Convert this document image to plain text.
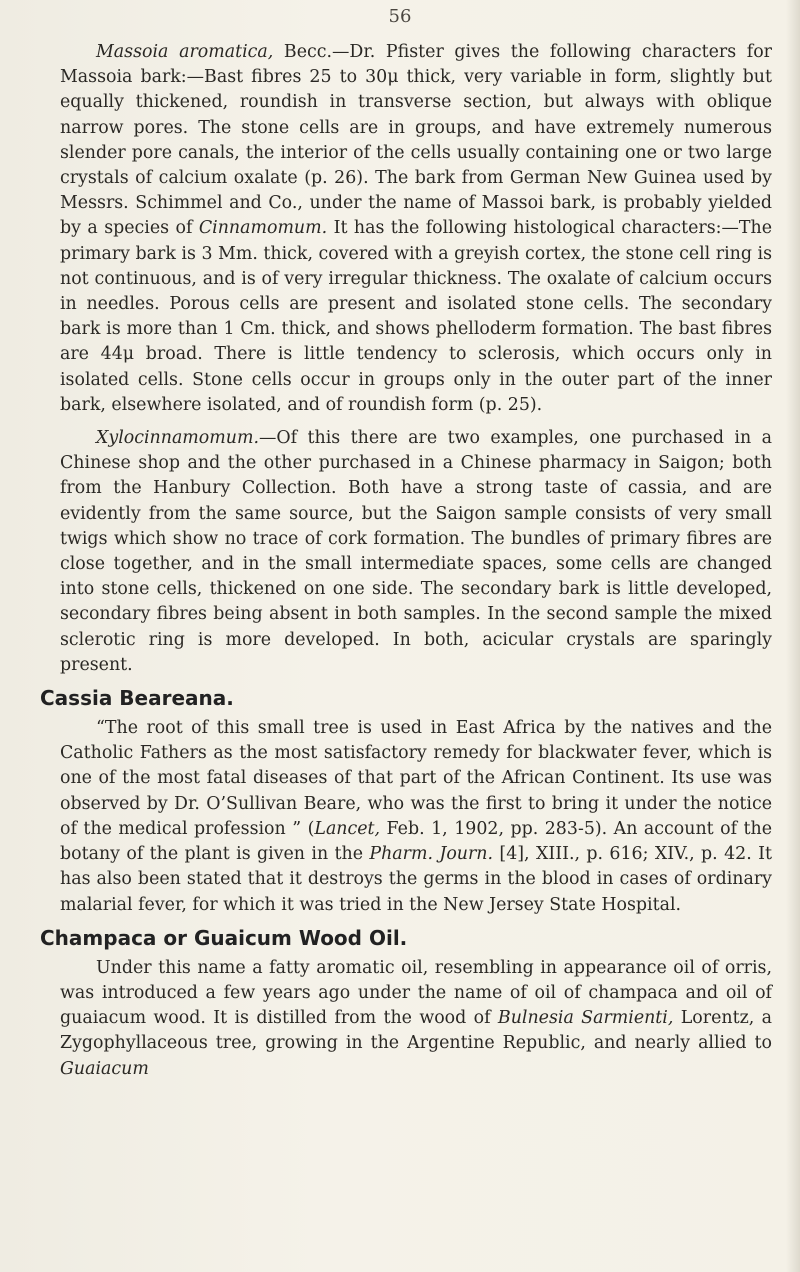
56

Massoia aromatica, Becc.—Dr. Pfister gives the following characters for Massoia bark:—Bast fibres 25 to 30μ thick, very variable in form, slightly but equally thickened, roundish in transverse section, but always with oblique narrow pores. The stone cells are in groups, and have extremely numerous slender pore canals, the interior of the cells usually containing one or two large crystals of calcium oxalate (p. 26). The bark from German New Guinea used by Messrs. Schimmel and Co., under the name of Massoi bark, is probably yielded by a species of Cinnamomum. It has the following histological characters:—The primary bark is 3 Mm. thick, covered with a greyish cortex, the stone cell ring is not continuous, and is of very irregular thickness. The oxalate of calcium occurs in needles. Porous cells are present and isolated stone cells. The secondary bark is more than 1 Cm. thick, and shows phelloderm formation. The bast fibres are 44μ broad. There is little tendency to sclerosis, which occurs only in isolated cells. Stone cells occur in groups only in the outer part of the inner bark, elsewhere isolated, and of roundish form (p. 25).

Xylocinnamomum.—Of this there are two examples, one purchased in a Chinese shop and the other purchased in a Chinese pharmacy in Saigon; both from the Hanbury Collection. Both have a strong taste of cassia, and are evidently from the same source, but the Saigon sample consists of very small twigs which show no trace of cork formation. The bundles of primary fibres are close together, and in the small intermediate spaces, some cells are changed into stone cells, thickened on one side. The secondary bark is little developed, secondary fibres being absent in both samples. In the second sample the mixed sclerotic ring is more developed. In both, acicular crystals are sparingly present.

Cassia Beareana.

“The root of this small tree is used in East Africa by the natives and the Catholic Fathers as the most satisfactory remedy for blackwater fever, which is one of the most fatal diseases of that part of the African Continent. Its use was observed by Dr. O’Sullivan Beare, who was the first to bring it under the notice of the medical profession ” (Lancet, Feb. 1, 1902, pp. 283-5). An account of the botany of the plant is given in the Pharm. Journ. [4], XIII., p. 616; XIV., p. 42. It has also been stated that it destroys the germs in the blood in cases of ordinary malarial fever, for which it was tried in the New Jersey State Hospital.

Champaca or Guaicum Wood Oil.

Under this name a fatty aromatic oil, resembling in appearance oil of orris, was introduced a few years ago under the name of oil of champaca and oil of guaiacum wood. It is distilled from the wood of Bulnesia Sarmienti, Lorentz, a Zygophyllaceous tree, growing in the Argentine Republic, and nearly allied to Guaiacum
